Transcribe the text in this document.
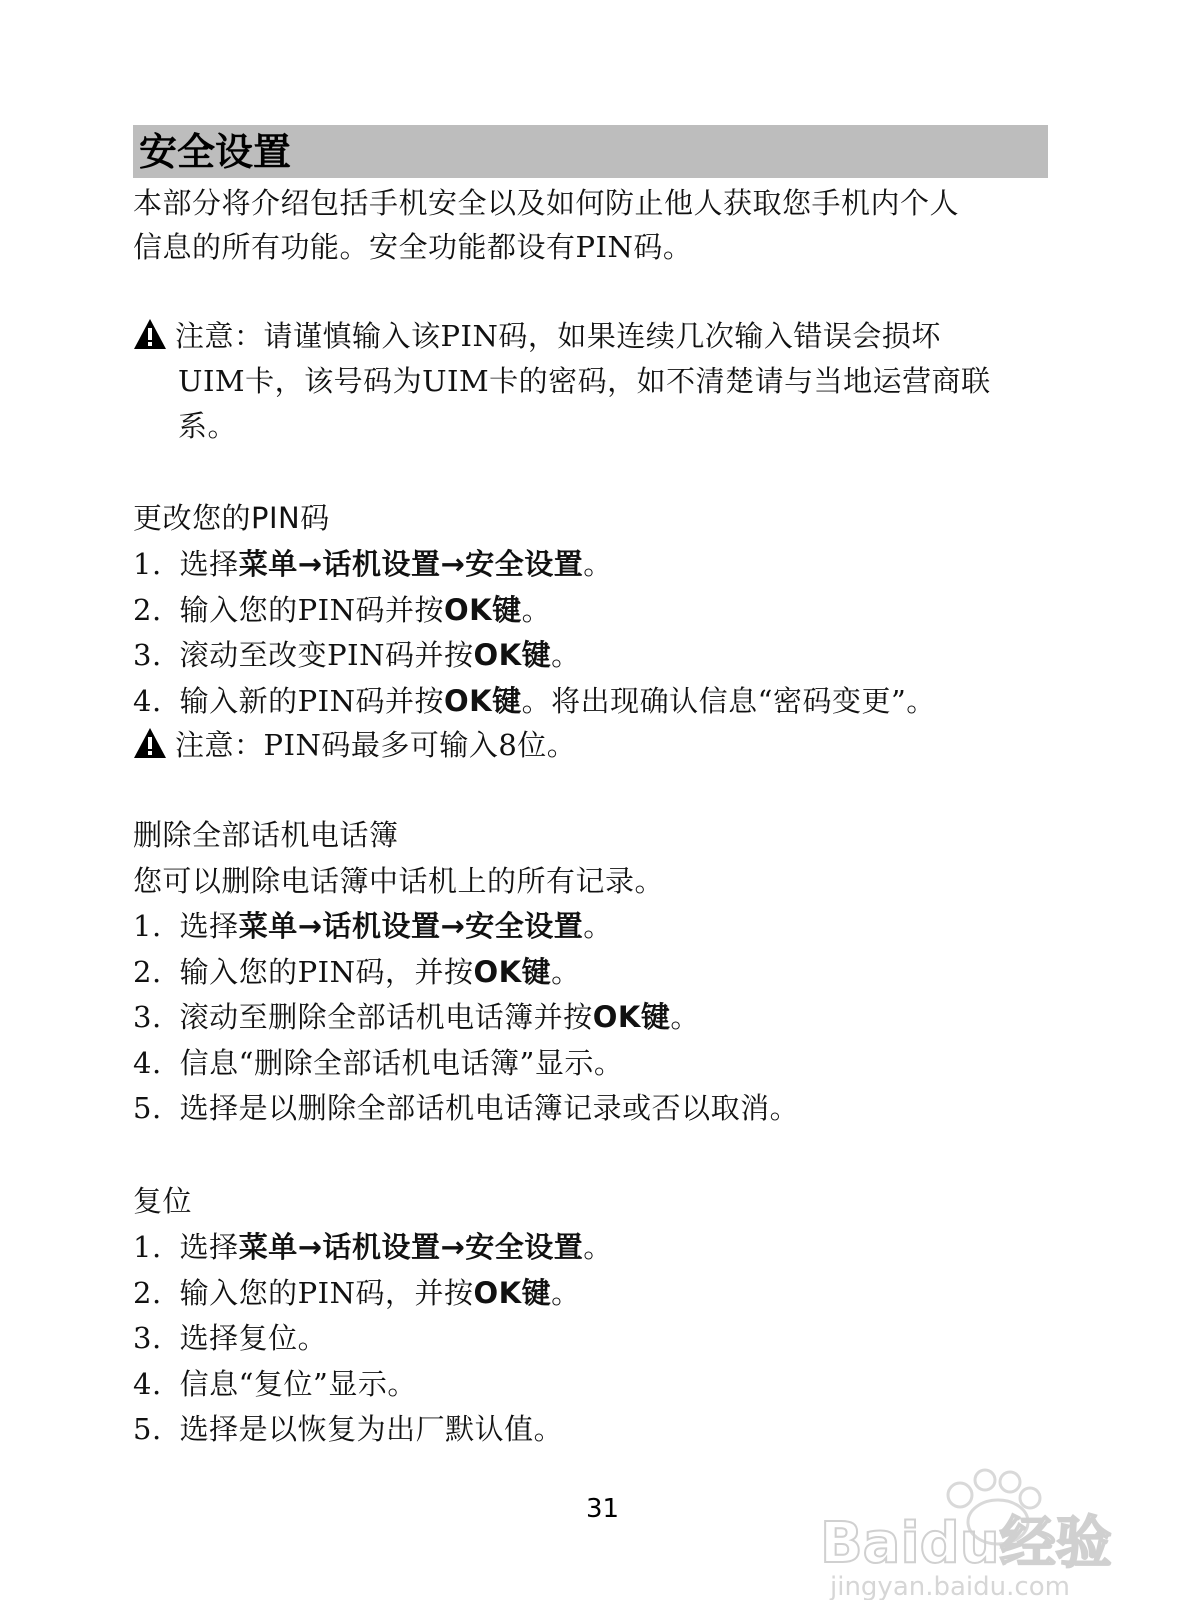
安全设置
本部分将介绍包括手机安全以及如何防止他人获取您手机内个人
信息的所有功能。安全功能都设有PIN码。
注意：请谨慎输入该PIN码，如果连续几次输入错误会损坏
UIM卡，该号码为UIM卡的密码，如不清楚请与当地运营商联
系。
更改您的PIN码
1. 选择菜单→话机设置→安全设置。
2. 输入您的PIN码并按OK键。
3. 滚动至改变PIN码并按OK键。
4. 输入新的PIN码并按OK键。将出现确认信息“密码变更”。
注意：PIN码最多可输入8位。
删除全部话机电话簿
您可以删除电话簿中话机上的所有记录。
1. 选择菜单→话机设置→安全设置。
2. 输入您的PIN码，并按OK键。
3. 滚动至删除全部话机电话簿并按OK键。
4. 信息“删除全部话机电话簿”显示。
5. 选择是以删除全部话机电话簿记录或否以取消。
复位
1. 选择菜单→话机设置→安全设置。
2. 输入您的PIN码，并按OK键。
3. 选择复位。
4. 信息“复位”显示。
5. 选择是以恢复为出厂默认值。
31
Baidu经验
jingyan.baidu.com
